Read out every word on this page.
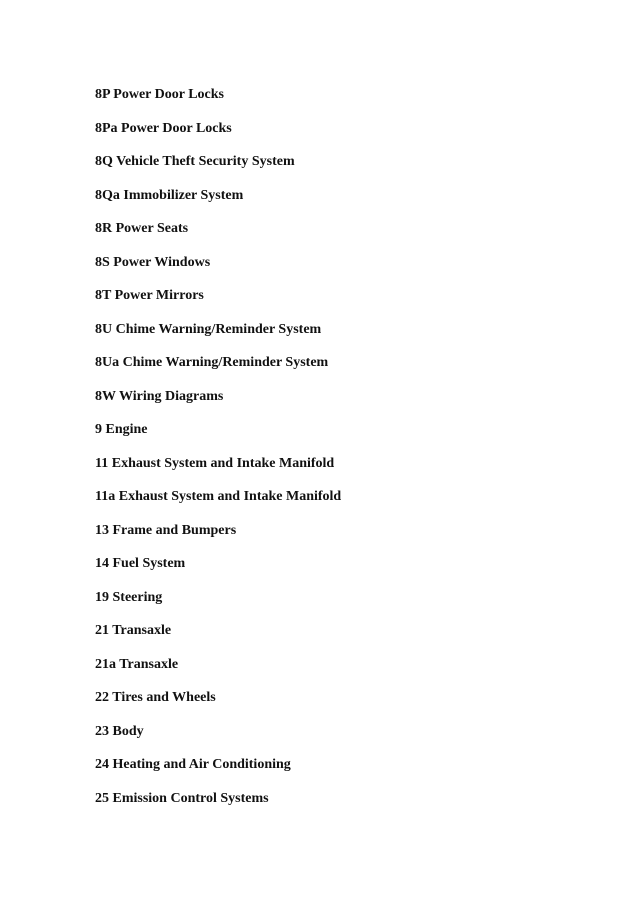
8P Power Door Locks
8Pa Power Door Locks
8Q Vehicle Theft Security System
8Qa Immobilizer System
8R Power Seats
8S Power Windows
8T Power Mirrors
8U Chime Warning/Reminder System
8Ua Chime Warning/Reminder System
8W Wiring Diagrams
9 Engine
11 Exhaust System and Intake Manifold
11a Exhaust System and Intake Manifold
13 Frame and Bumpers
14 Fuel System
19 Steering
21 Transaxle
21a Transaxle
22 Tires and Wheels
23 Body
24 Heating and Air Conditioning
25 Emission Control Systems
